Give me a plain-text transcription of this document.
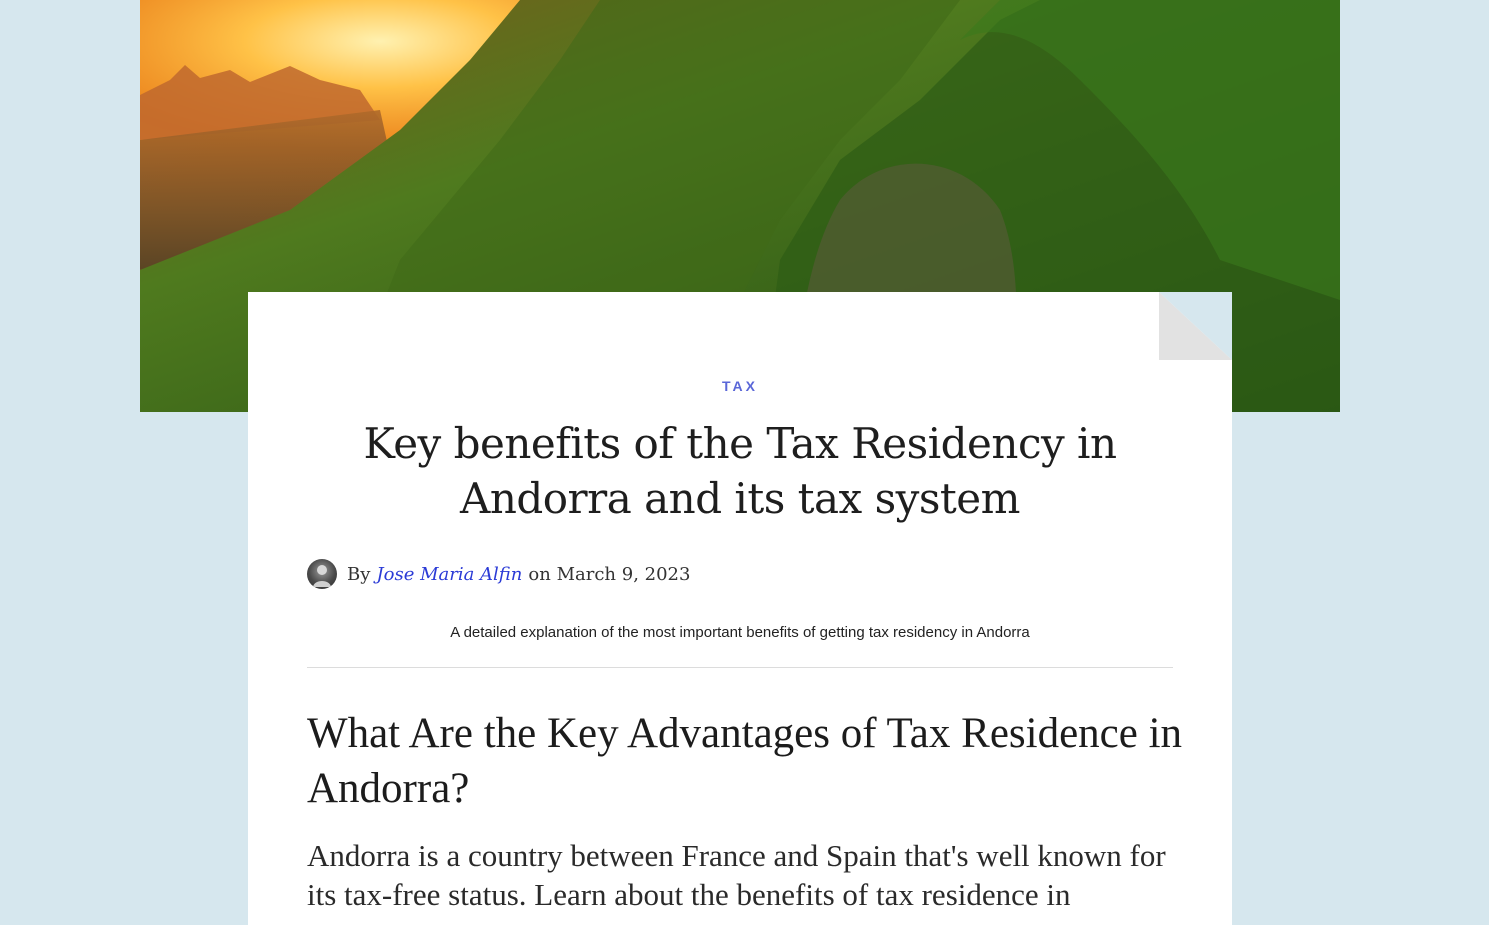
TAX
Key benefits of the Tax Residency in Andorra and its tax system
By Jose Maria Alfin on
March 9, 2023
A detailed explanation of the most important benefits of getting tax residency in Andorra
What Are the Key Advantages of Tax Residence in Andorra?

Andorra is a country between France and Spain that's well known for its tax-free status. Learn about the benefits of tax residence in
